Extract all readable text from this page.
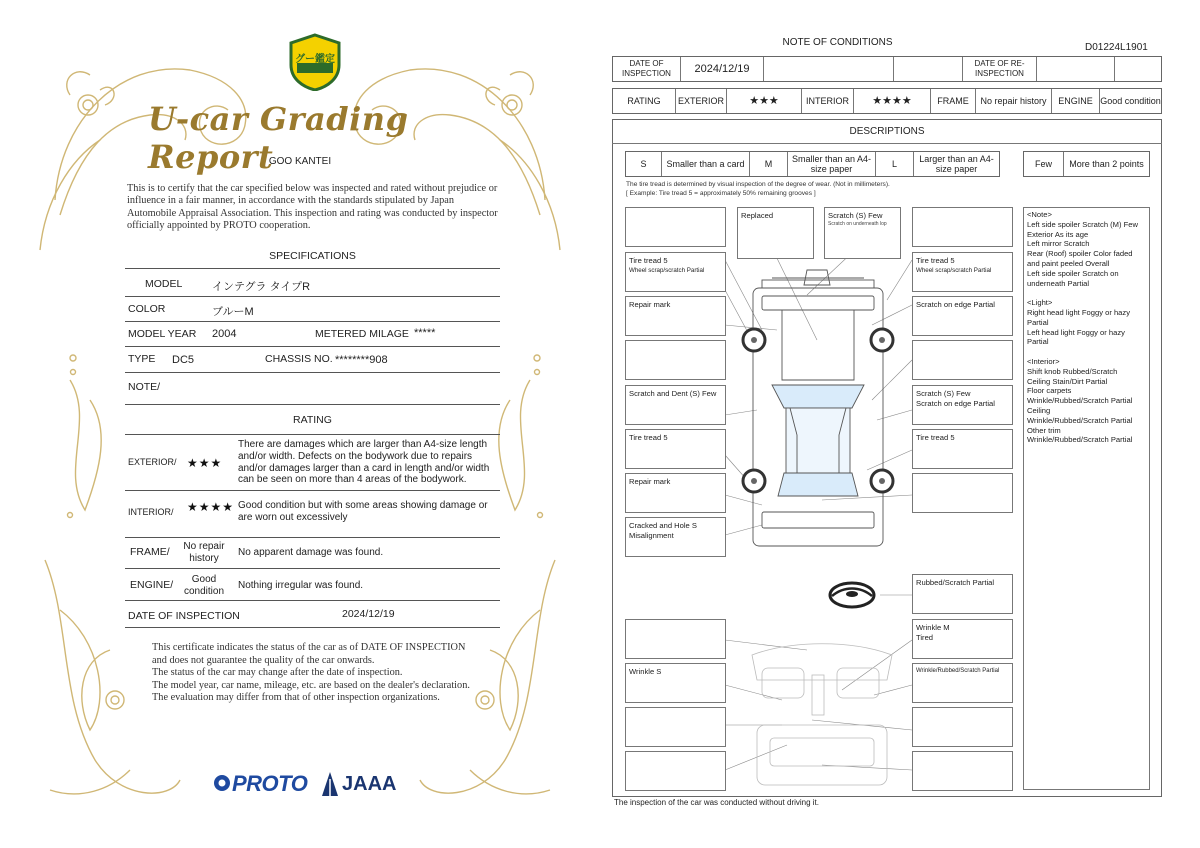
グー鑑定
U-car Grading Report
GOO KANTEI
This is to certify that the car specified below was inspected and rated without prejudice or influence in a fair manner, in accordance with the standards stipulated by Japan Automobile Appraisal Association. This inspection and rating was conducted by inspector officially appointed by PROTO cooperation.
SPECIFICATIONS
MODEL	インテグラ タイプR
COLOR	ブルーM
MODEL YEAR 2004	METERED MILAGE *****
TYPE DC5	CHASSIS NO. ********908
NOTE/
RATING
EXTERIOR/ ★★★
There are damages which are larger than A4-size length and/or width. Defects on the bodywork due to repairs and/or damages larger than a card in length and/or width can be seen on more than 4 areas of the bodywork.
INTERIOR/ ★★★★ Good condition but with some areas showing damage or are worn out excessively
FRAME/	No repair history
No apparent damage was found.
ENGINE/	Good condition
Nothing irregular was found.
DATE OF INSPECTION	2024/12/19
This certificate indicates the status of the car as of DATE OF INSPECTION and does not guarantee the quality of the car onwards.
The status of the car may change after the date of inspection.
The model year, car name, mileage, etc. are based on the dealer's declaration.
The evaluation may differ from that of other inspection organizations.
PROTO JAAA
NOTE OF CONDITIONS	D01224L1901
DATE OF INSPECTION	2024/12/19	DATE OF RE-INSPECTION
RATING	EXTERIOR	★★★	INTERIOR	★★★★	FRAME	No repair history	ENGINE Good condition
DESCRIPTIONS
S	Smaller than a card	M	Smaller than an A4-size paper	L	Larger than an A4-size paper	Few	More than 2 points
The tire tread is determined by visual inspection of the degree of wear. (Not in millimeters).
[ Example: Tire tread 5 = approximately 50% remaining grooves ]
Tire tread 5
Wheel scrap/scratch Partial
Repair mark
Scratch and Dent (S) Few
Tire tread 5
Repair mark
Cracked and Hole S
Misalignment
Replaced	Scratch (S) Few
Scratch on underneath lop
Tire tread 5
Wheel scrap/scratch Partial
Scratch on edge Partial
Scratch (S) Few
Scratch on edge Partial
Tire tread 5
Rubbed/Scratch Partial
Wrinkle M
Tired
Wrinkle S	Wrinkle/Rubbed/Scratch Partial
<Note>
Left side spoiler Scratch (M) Few
Exterior As its age
Left mirror Scratch
Rear (Roof) spoiler Color faded and paint peeled Overall
Left side spoiler Scratch on underneath Partial
<Light>
Right head light Foggy or hazy Partial
Left head light Foggy or hazy Partial
<Interior>
Shift knob Rubbed/Scratch
Ceiling Stain/Dirt Partial
Floor carpets
Wrinkle/Rubbed/Scratch Partial
Ceiling
Wrinkle/Rubbed/Scratch Partial
Other trim
Wrinkle/Rubbed/Scratch Partial
The inspection of the car was conducted without driving it.
